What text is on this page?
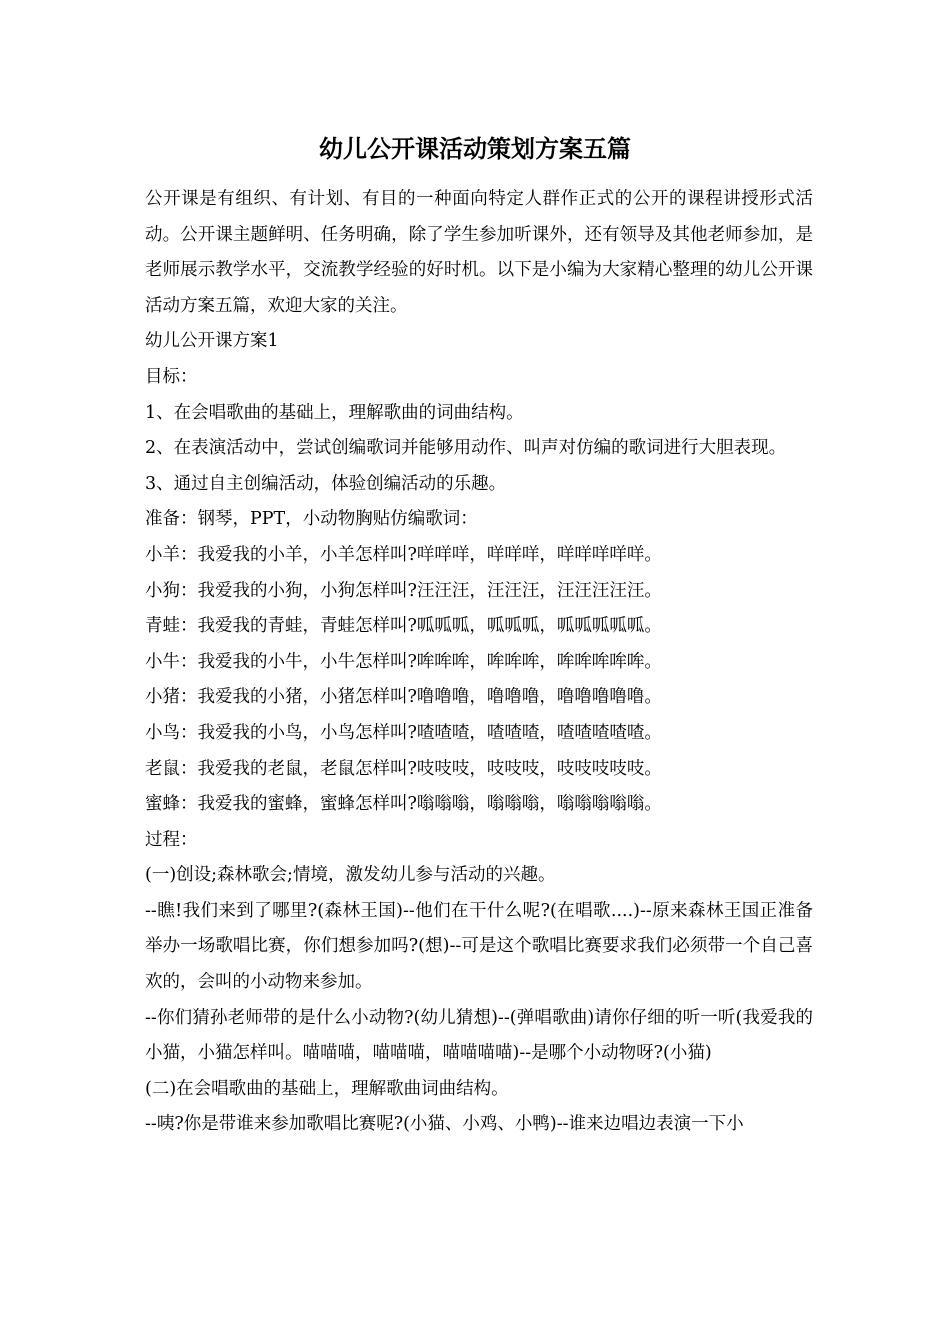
幼儿公开课活动策划方案五篇

公开课是有组织、有计划、有目的一种面向特定人群作正式的公开的课程讲授形式活动。公开课主题鲜明、任务明确，除了学生参加听课外，还有领导及其他老师参加，是老师展示教学水平，交流教学经验的好时机。以下是小编为大家精心整理的幼儿公开课活动方案五篇，欢迎大家的关注。

幼儿公开课方案1

目标：

1、在会唱歌曲的基础上，理解歌曲的词曲结构。

2、在表演活动中，尝试创编歌词并能够用动作、叫声对仿编的歌词进行大胆表现。

3、通过自主创编活动，体验创编活动的乐趣。

准备：钢琴，PPT，小动物胸贴仿编歌词：

小羊：我爱我的小羊，小羊怎样叫?咩咩咩，咩咩咩，咩咩咩咩咩。

小狗：我爱我的小狗，小狗怎样叫?汪汪汪，汪汪汪，汪汪汪汪汪。

青蛙：我爱我的青蛙，青蛙怎样叫?呱呱呱，呱呱呱，呱呱呱呱呱。

小牛：我爱我的小牛，小牛怎样叫?哞哞哞，哞哞哞，哞哞哞哞哞。

小猪：我爱我的小猪，小猪怎样叫?噜噜噜，噜噜噜，噜噜噜噜噜。

小鸟：我爱我的小鸟，小鸟怎样叫?喳喳喳，喳喳喳，喳喳喳喳喳。

老鼠：我爱我的老鼠，老鼠怎样叫?吱吱吱，吱吱吱，吱吱吱吱吱。

蜜蜂：我爱我的蜜蜂，蜜蜂怎样叫?嗡嗡嗡，嗡嗡嗡，嗡嗡嗡嗡嗡。

过程：

(一)创设;森林歌会;情境，激发幼儿参与活动的兴趣。

--瞧!我们来到了哪里?(森林王国)--他们在干什么呢?(在唱歌....)--原来森林王国正准备举办一场歌唱比赛，你们想参加吗?(想)--可是这个歌唱比赛要求我们必须带一个自己喜欢的，会叫的小动物来参加。

--你们猜孙老师带的是什么小动物?(幼儿猜想)--(弹唱歌曲)请你仔细的听一听(我爱我的小猫，小猫怎样叫。喵喵喵，喵喵喵，喵喵喵喵)--是哪个小动物呀?(小猫)

(二)在会唱歌曲的基础上，理解歌曲词曲结构。

--咦?你是带谁来参加歌唱比赛呢?(小猫、小鸡、小鸭)--谁来边唱边表演一下小
